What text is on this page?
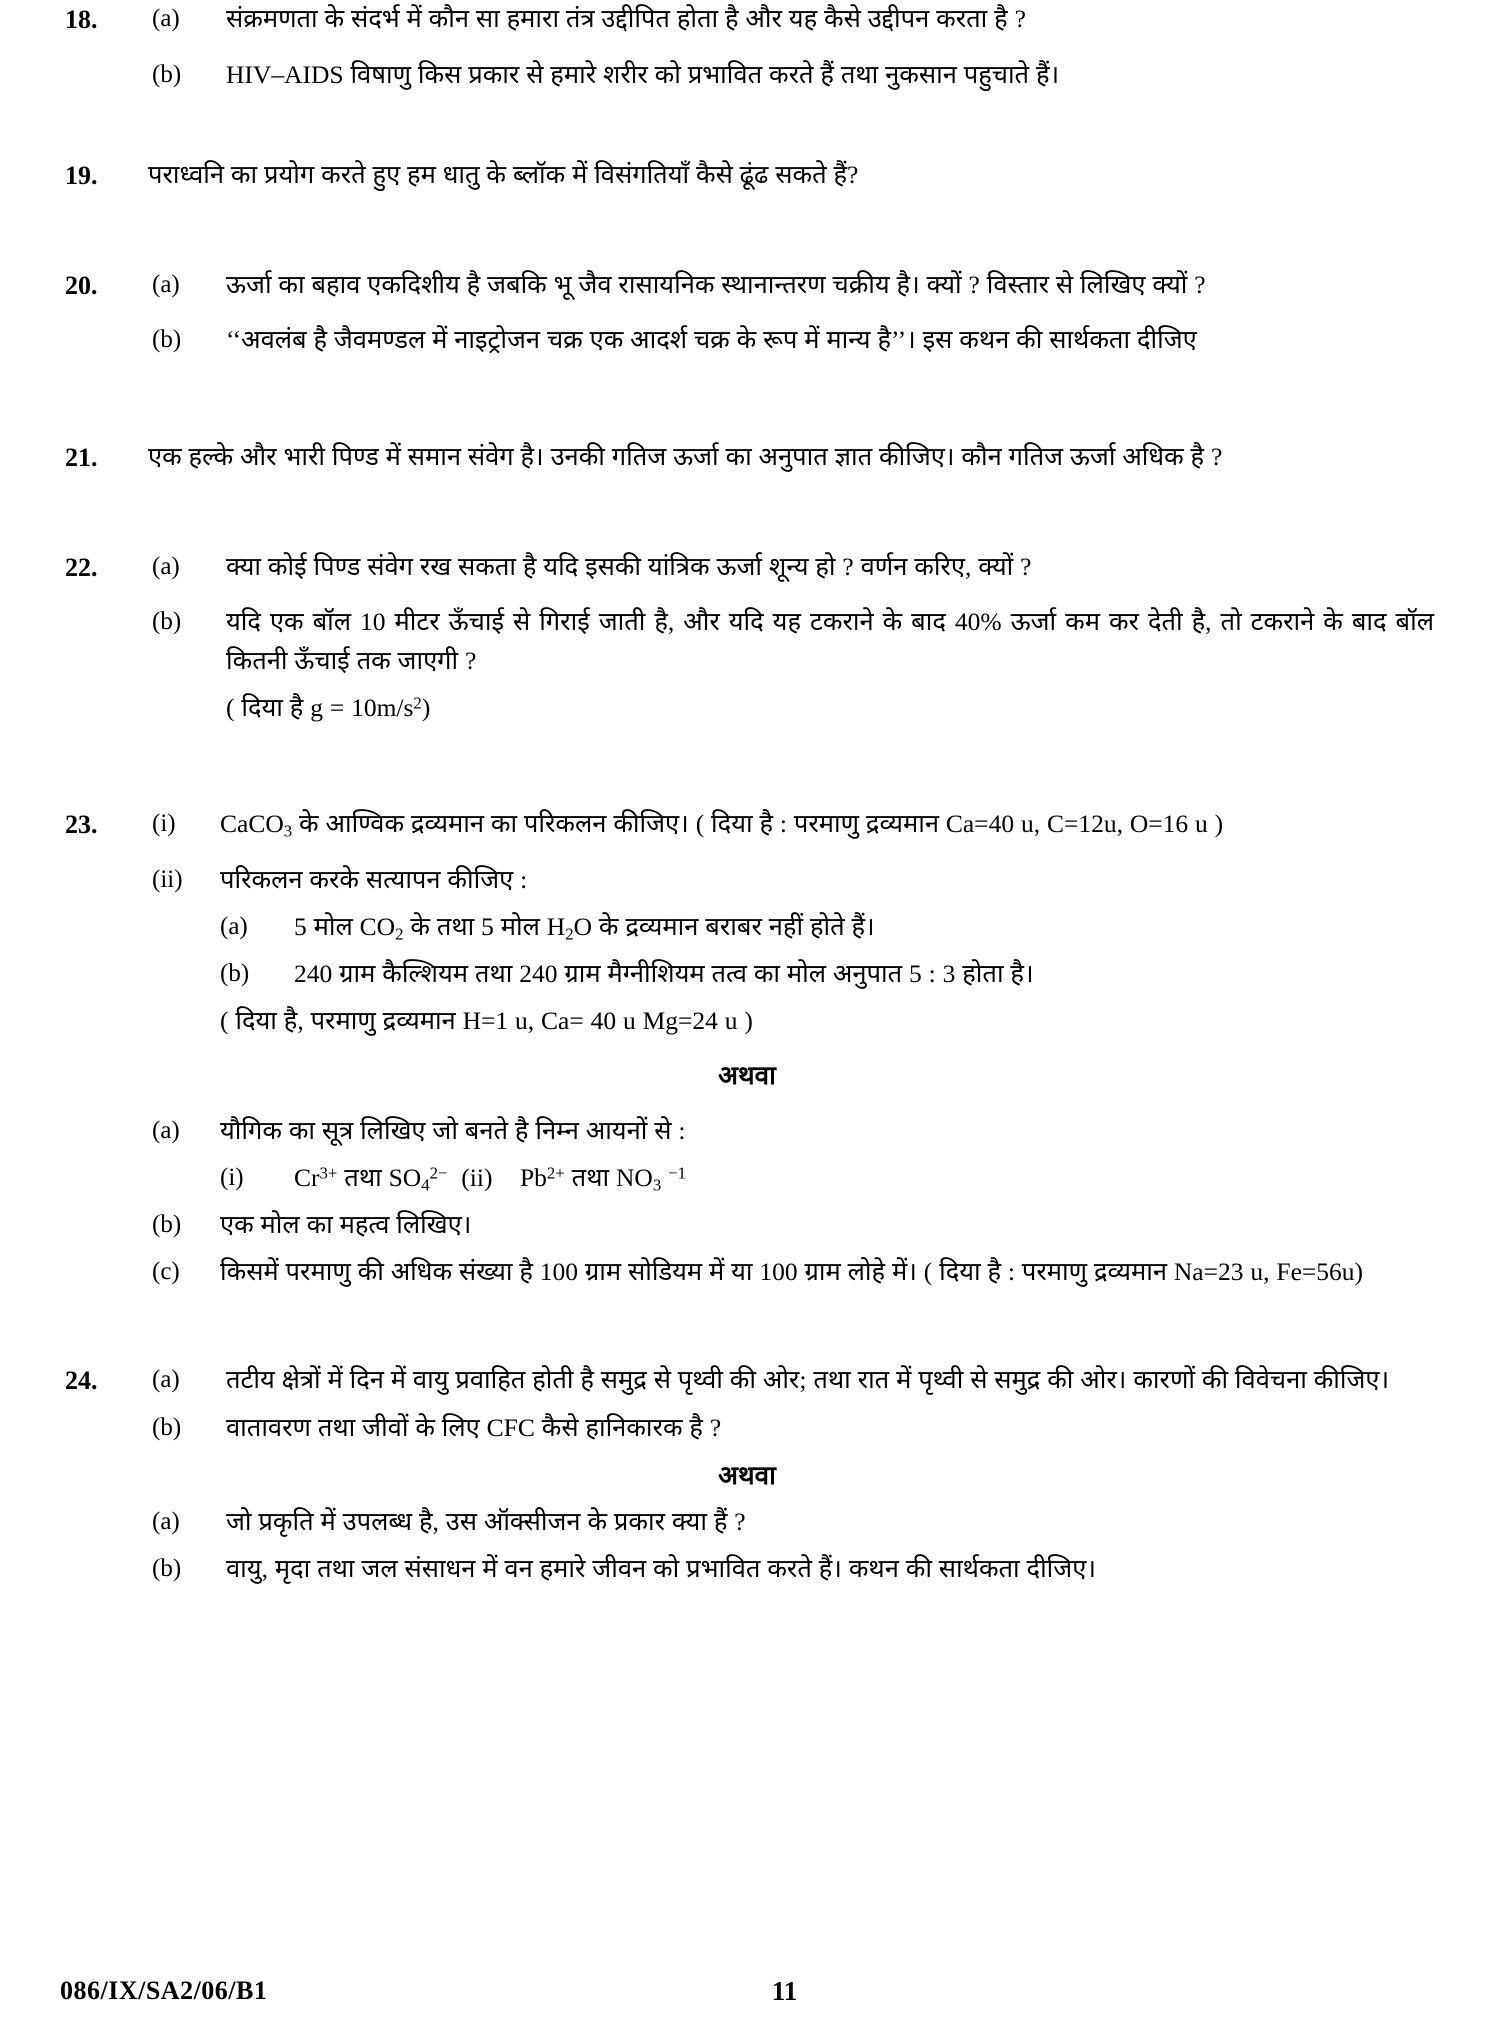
18.	(a)	संक्रमणता के संदर्भ में कौन सा हमारा तंत्र उद्दीपित होता है और यह कैसे उद्दीपन करता है ?
(b)	HIV–AIDS विषाणु किस प्रकार से हमारे शरीर को प्रभावित करते हैं तथा नुकसान पहुचाते हैं।
19.	पराध्वनि का प्रयोग करते हुए हम धातु के ब्लॉक में विसंगतियाँ कैसे ढूंढ सकते हैं?
20.	(a)	ऊर्जा का बहाव एकदिशीय है जबकि भू जैव रासायनिक स्थानान्तरण चक्रीय है। क्यों ? विस्तार से लिखिए क्यों ?
(b)	‘‘अवलंब है जैवमण्डल में नाइट्रोजन चक्र एक आदर्श चक्र के रूप में मान्य है’’। इस कथन की सार्थकता दीजिए
21.	एक हल्के और भारी पिण्ड में समान संवेग है। उनकी गतिज ऊर्जा का अनुपात ज्ञात कीजिए। कौन गतिज ऊर्जा अधिक है ?
22.	(a)	क्या कोई पिण्ड संवेग रख सकता है यदि इसकी यांत्रिक ऊर्जा शून्य हो ? वर्णन करिए, क्यों ?
(b)	यदि एक बॉल 10 मीटर ऊँचाई से गिराई जाती है, और यदि यह टकराने के बाद 40% ऊर्जा कम कर देती है, तो टकराने के बाद बॉल कितनी ऊँचाई तक जाएगी ?
( दिया है $g = 10m/s^2$)
23.	(i)	CaCO$_3$ के आण्विक द्रव्यमान का परिकलन कीजिए। ( दिया है : परमाणु द्रव्यमान Ca=40 u, C=12u, O=16 u )
(ii)	परिकलन करके सत्यापन कीजिए :
(a)	5 मोल $CO_2$ के तथा 5 मोल $H_2O$ के द्रव्यमान बराबर नहीं होते हैं।
(b)	240 ग्राम कैल्शियम तथा 240 ग्राम मैग्नीशियम तत्व का मोल अनुपात 5 : 3 होता है।
( दिया है, परमाणु द्रव्यमान H=1 u, Ca= 40 u Mg=24 u )
अथवा
(a)	यौगिक का सूत्र लिखिए जो बनते है निम्न आयनों से :
(i)	$Cr^{3+}$ तथा $SO_4^{2-}$ (ii) $Pb^{2+}$ तथा $NO_3$ $^{-1}$
(b)	एक मोल का महत्व लिखिए।
(c)	किसमें परमाणु की अधिक संख्या है 100 ग्राम सोडियम में या 100 ग्राम लोहे में। ( दिया है : परमाणु द्रव्यमान Na=23 u, Fe=56u)
24.	(a)	तटीय क्षेत्रों में दिन में वायु प्रवाहित होती है समुद्र से पृथ्वी की ओर; तथा रात में पृथ्वी से समुद्र की ओर। कारणों की विवेचना कीजिए।
(b)	वातावरण तथा जीवों के लिए CFC कैसे हानिकारक है ?
अथवा
(a)	जो प्रकृति में उपलब्ध है, उस ऑक्सीजन के प्रकार क्या हैं ?
(b)	वायु, मृदा तथा जल संसाधन में वन हमारे जीवन को प्रभावित करते हैं। कथन की सार्थकता दीजिए।
086/IX/SA2/06/B1	11
